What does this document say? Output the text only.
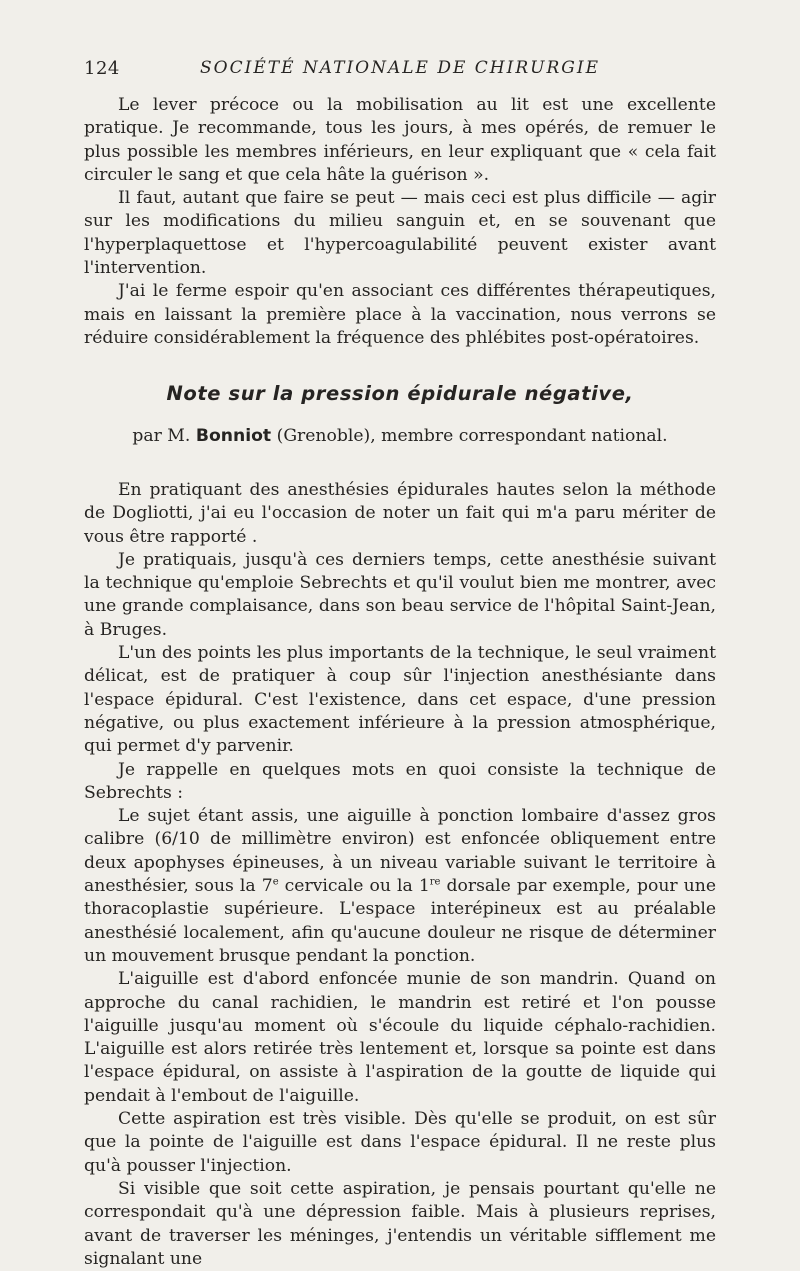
124	SOCIÉTÉ NATIONALE DE CHIRURGIE

Le lever précoce ou la mobilisation au lit est une excellente pratique. Je recommande, tous les jours, à mes opérés, de remuer le plus possible les membres inférieurs, en leur expliquant que « cela fait circuler le sang et que cela hâte la guérison ».

Il faut, autant que faire se peut — mais ceci est plus difficile — agir sur les modifications du milieu sanguin et, en se souvenant que l'hyperplaquettose et l'hypercoagulabilité peuvent exister avant l'intervention.

J'ai le ferme espoir qu'en associant ces différentes thérapeutiques, mais en laissant la première place à la vaccination, nous verrons se réduire considérablement la fréquence des phlébites post-opératoires.

Note sur la pression épidurale négative,
par M. Bonniot (Grenoble), membre correspondant national.

En pratiquant des anesthésies épidurales hautes selon la méthode de Dogliotti, j'ai eu l'occasion de noter un fait qui m'a paru mériter de vous être rapporté .

Je pratiquais, jusqu'à ces derniers temps, cette anesthésie suivant la technique qu'emploie Sebrechts et qu'il voulut bien me montrer, avec une grande complaisance, dans son beau service de l'hôpital Saint-Jean, à Bruges.

L'un des points les plus importants de la technique, le seul vraiment délicat, est de pratiquer à coup sûr l'injection anesthésiante dans l'espace épidural. C'est l'existence, dans cet espace, d'une pression négative, ou plus exactement inférieure à la pression atmosphérique, qui permet d'y parvenir.

Je rappelle en quelques mots en quoi consiste la technique de Sebrechts :

Le sujet étant assis, une aiguille à ponction lombaire d'assez gros calibre (6/10 de millimètre environ) est enfoncée obliquement entre deux apophyses épineuses, à un niveau variable suivant le territoire à anesthésier, sous la 7e cervicale ou la 1re dorsale par exemple, pour une thoracoplastie supérieure. L'espace interépineux est au préalable anesthésié localement, afin qu'aucune douleur ne risque de déterminer un mouvement brusque pendant la ponction.

L'aiguille est d'abord enfoncée munie de son mandrin. Quand on approche du canal rachidien, le mandrin est retiré et l'on pousse l'aiguille jusqu'au moment où s'écoule du liquide céphalo-rachidien. L'aiguille est alors retirée très lentement et, lorsque sa pointe est dans l'espace épidural, on assiste à l'aspiration de la goutte de liquide qui pendait à l'embout de l'aiguille.

Cette aspiration est très visible. Dès qu'elle se produit, on est sûr que la pointe de l'aiguille est dans l'espace épidural. Il ne reste plus qu'à pousser l'injection.

Si visible que soit cette aspiration, je pensais pourtant qu'elle ne correspondait qu'à une dépression faible. Mais à plusieurs reprises, avant de traverser les méninges, j'entendis un véritable sifflement me signalant une
